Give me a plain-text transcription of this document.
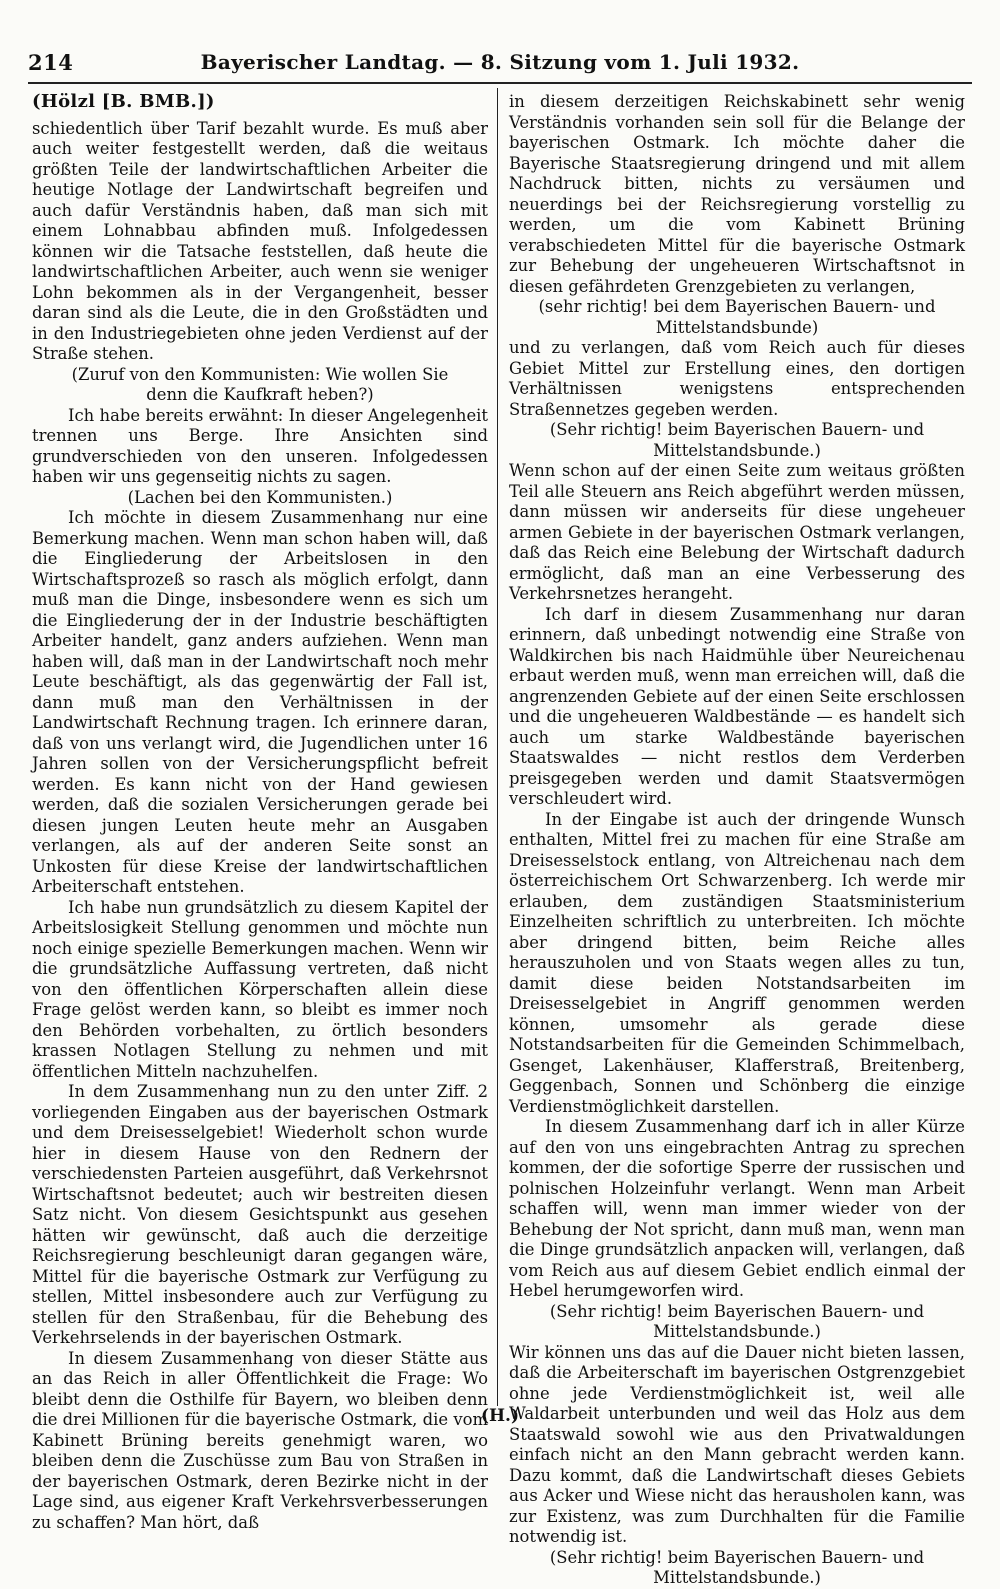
214	Bayerischer Landtag. — 8. Sitzung vom 1. Juli 1932.
(Hölzl [B. BMB.])

schiedentlich über Tarif bezahlt wurde. Es muß aber auch weiter festgestellt werden, daß die weitaus größten Teile der landwirtschaftlichen Arbeiter die heutige Notlage der Landwirtschaft begreifen und auch dafür Verständnis haben, daß man sich mit einem Lohnabbau abfinden muß. Infolgedessen können wir die Tatsache feststellen, daß heute die landwirtschaftlichen Arbeiter, auch wenn sie weniger Lohn bekommen als in der Vergangenheit, besser daran sind als die Leute, die in den Großstädten und in den Industriegebieten ohne jeden Verdienst auf der Straße stehen.

(Zuruf von den Kommunisten: Wie wollen Sie denn die Kaufkraft heben?)

Ich habe bereits erwähnt: In dieser Angelegenheit trennen uns Berge. Ihre Ansichten sind grundverschieden von den unseren. Infolgedessen haben wir uns gegenseitig nichts zu sagen.

(Lachen bei den Kommunisten.)

Ich möchte in diesem Zusammenhang nur eine Bemerkung machen. Wenn man schon haben will, daß die Eingliederung der Arbeitslosen in den Wirtschaftsprozeß so rasch als möglich erfolgt, dann muß man die Dinge, insbesondere wenn es sich um die Eingliederung der in der Industrie beschäftigten Arbeiter handelt, ganz anders aufziehen. Wenn man haben will, daß man in der Landwirtschaft noch mehr Leute beschäftigt, als das gegenwärtig der Fall ist, dann muß man den Verhältnissen in der Landwirtschaft Rechnung tragen. Ich erinnere daran, daß von uns verlangt wird, die Jugendlichen unter 16 Jahren sollen von der Versicherungspflicht befreit werden. Es kann nicht von der Hand gewiesen werden, daß die sozialen Versicherungen gerade bei diesen jungen Leuten heute mehr an Ausgaben verlangen, als auf der anderen Seite sonst an Unkosten für diese Kreise der landwirtschaftlichen Arbeiterschaft entstehen.

Ich habe nun grundsätzlich zu diesem Kapitel der Arbeitslosigkeit Stellung genommen und möchte nun noch einige spezielle Bemerkungen machen. Wenn wir die grundsätzliche Auffassung vertreten, daß nicht von den öffentlichen Körperschaften allein diese Frage gelöst werden kann, so bleibt es immer noch den Behörden vorbehalten, zu örtlich besonders krassen Notlagen Stellung zu nehmen und mit öffentlichen Mitteln nachzuhelfen.

In dem Zusammenhang nun zu den unter Ziff. 2 vorliegenden Eingaben aus der bayerischen Ostmark und dem Dreisesselgebiet! Wiederholt schon wurde hier in diesem Hause von den Rednern der verschiedensten Parteien ausgeführt, daß Verkehrsnot Wirtschaftsnot bedeutet; auch wir bestreiten diesen Satz nicht. Von diesem Gesichtspunkt aus gesehen hätten wir gewünscht, daß auch die derzeitige Reichsregierung beschleunigt daran gegangen wäre, Mittel für die bayerische Ostmark zur Verfügung zu stellen, Mittel insbesondere auch zur Verfügung zu stellen für den Straßenbau, für die Behebung des Verkehrselends in der bayerischen Ostmark.

In diesem Zusammenhang von dieser Stätte aus an das Reich in aller Öffentlichkeit die Frage: Wo bleibt denn die Osthilfe für Bayern, wo bleiben denn die drei Millionen für die bayerische Ostmark, die vom Kabinett Brüning bereits genehmigt waren, wo bleiben denn die Zuschüsse zum Bau von Straßen in der bayerischen Ostmark, deren Bezirke nicht in der Lage sind, aus eigener Kraft Verkehrsverbesserungen zu schaffen? Man hört, daß

in diesem derzeitigen Reichskabinett sehr wenig Verständnis vorhanden sein soll für die Belange der bayerischen Ostmark. Ich möchte daher die Bayerische Staatsregierung dringend und mit allem Nachdruck bitten, nichts zu versäumen und neuerdings bei der Reichsregierung vorstellig zu werden, um die vom Kabinett Brüning verabschiedeten Mittel für die bayerische Ostmark zur Behebung der ungeheueren Wirtschaftsnot in diesen gefährdeten Grenzgebieten zu verlangen,

(sehr richtig! bei dem Bayerischen Bauern- und Mittelstandsbunde)

und zu verlangen, daß vom Reich auch für dieses Gebiet Mittel zur Erstellung eines, den dortigen Verhältnissen wenigstens entsprechenden Straßennetzes gegeben werden.

(Sehr richtig! beim Bayerischen Bauern- und Mittelstandsbunde.)

Wenn schon auf der einen Seite zum weitaus größten Teil alle Steuern ans Reich abgeführt werden müssen, dann müssen wir anderseits für diese ungeheuer armen Gebiete in der bayerischen Ostmark verlangen, daß das Reich eine Belebung der Wirtschaft dadurch ermöglicht, daß man an eine Verbesserung des Verkehrsnetzes herangeht.

Ich darf in diesem Zusammenhang nur daran erinnern, daß unbedingt notwendig eine Straße von Waldkirchen bis nach Haidmühle über Neureichenau erbaut werden muß, wenn man erreichen will, daß die angrenzenden Gebiete auf der einen Seite erschlossen und die ungeheueren Waldbestände — es handelt sich auch um starke Waldbestände bayerischen Staatswaldes — nicht restlos dem Verderben preisgegeben werden und damit Staatsvermögen verschleudert wird.

In der Eingabe ist auch der dringende Wunsch enthalten, Mittel frei zu machen für eine Straße am Dreisesselstock entlang, von Altreichenau nach dem österreichischem Ort Schwarzenberg. Ich werde mir erlauben, dem zuständigen Staatsministerium Einzelheiten schriftlich zu unterbreiten. Ich möchte aber dringend bitten, beim Reiche alles herauszuholen und von Staats wegen alles zu tun, damit diese beiden Notstandsarbeiten im Dreisesselgebiet in Angriff genommen werden können, umsomehr als gerade diese Notstandsarbeiten für die Gemeinden Schimmelbach, Gsenget, Lakenhäuser, Klafferstraß, Breitenberg, Geggenbach, Sonnen und Schönberg die einzige Verdienstmöglichkeit darstellen.

In diesem Zusammenhang darf ich in aller Kürze auf den von uns eingebrachten Antrag zu sprechen kommen, der die sofortige Sperre der russischen und polnischen Holzeinfuhr verlangt. Wenn man Arbeit schaffen will, wenn man immer wieder von der Behebung der Not spricht, dann muß man, wenn man die Dinge grundsätzlich anpacken will, verlangen, daß vom Reich aus auf diesem Gebiet endlich einmal der Hebel herumgeworfen wird.

(Sehr richtig! beim Bayerischen Bauern- und Mittelstandsbunde.)

Wir können uns das auf die Dauer nicht bieten lassen, daß die Arbeiterschaft im bayerischen Ostgrenzgebiet ohne jede Verdienstmöglichkeit ist, weil alle Waldarbeit unterbunden und weil das Holz aus dem Staatswald sowohl wie aus den Privatwaldungen einfach nicht an den Mann gebracht werden kann. Dazu kommt, daß die Landwirtschaft dieses Gebiets aus Acker und Wiese nicht das herausholen kann, was zur Existenz, was zum Durchhalten für die Familie notwendig ist.

(Sehr richtig! beim Bayerischen Bauern- und Mittelstandsbunde.)

(H.)
